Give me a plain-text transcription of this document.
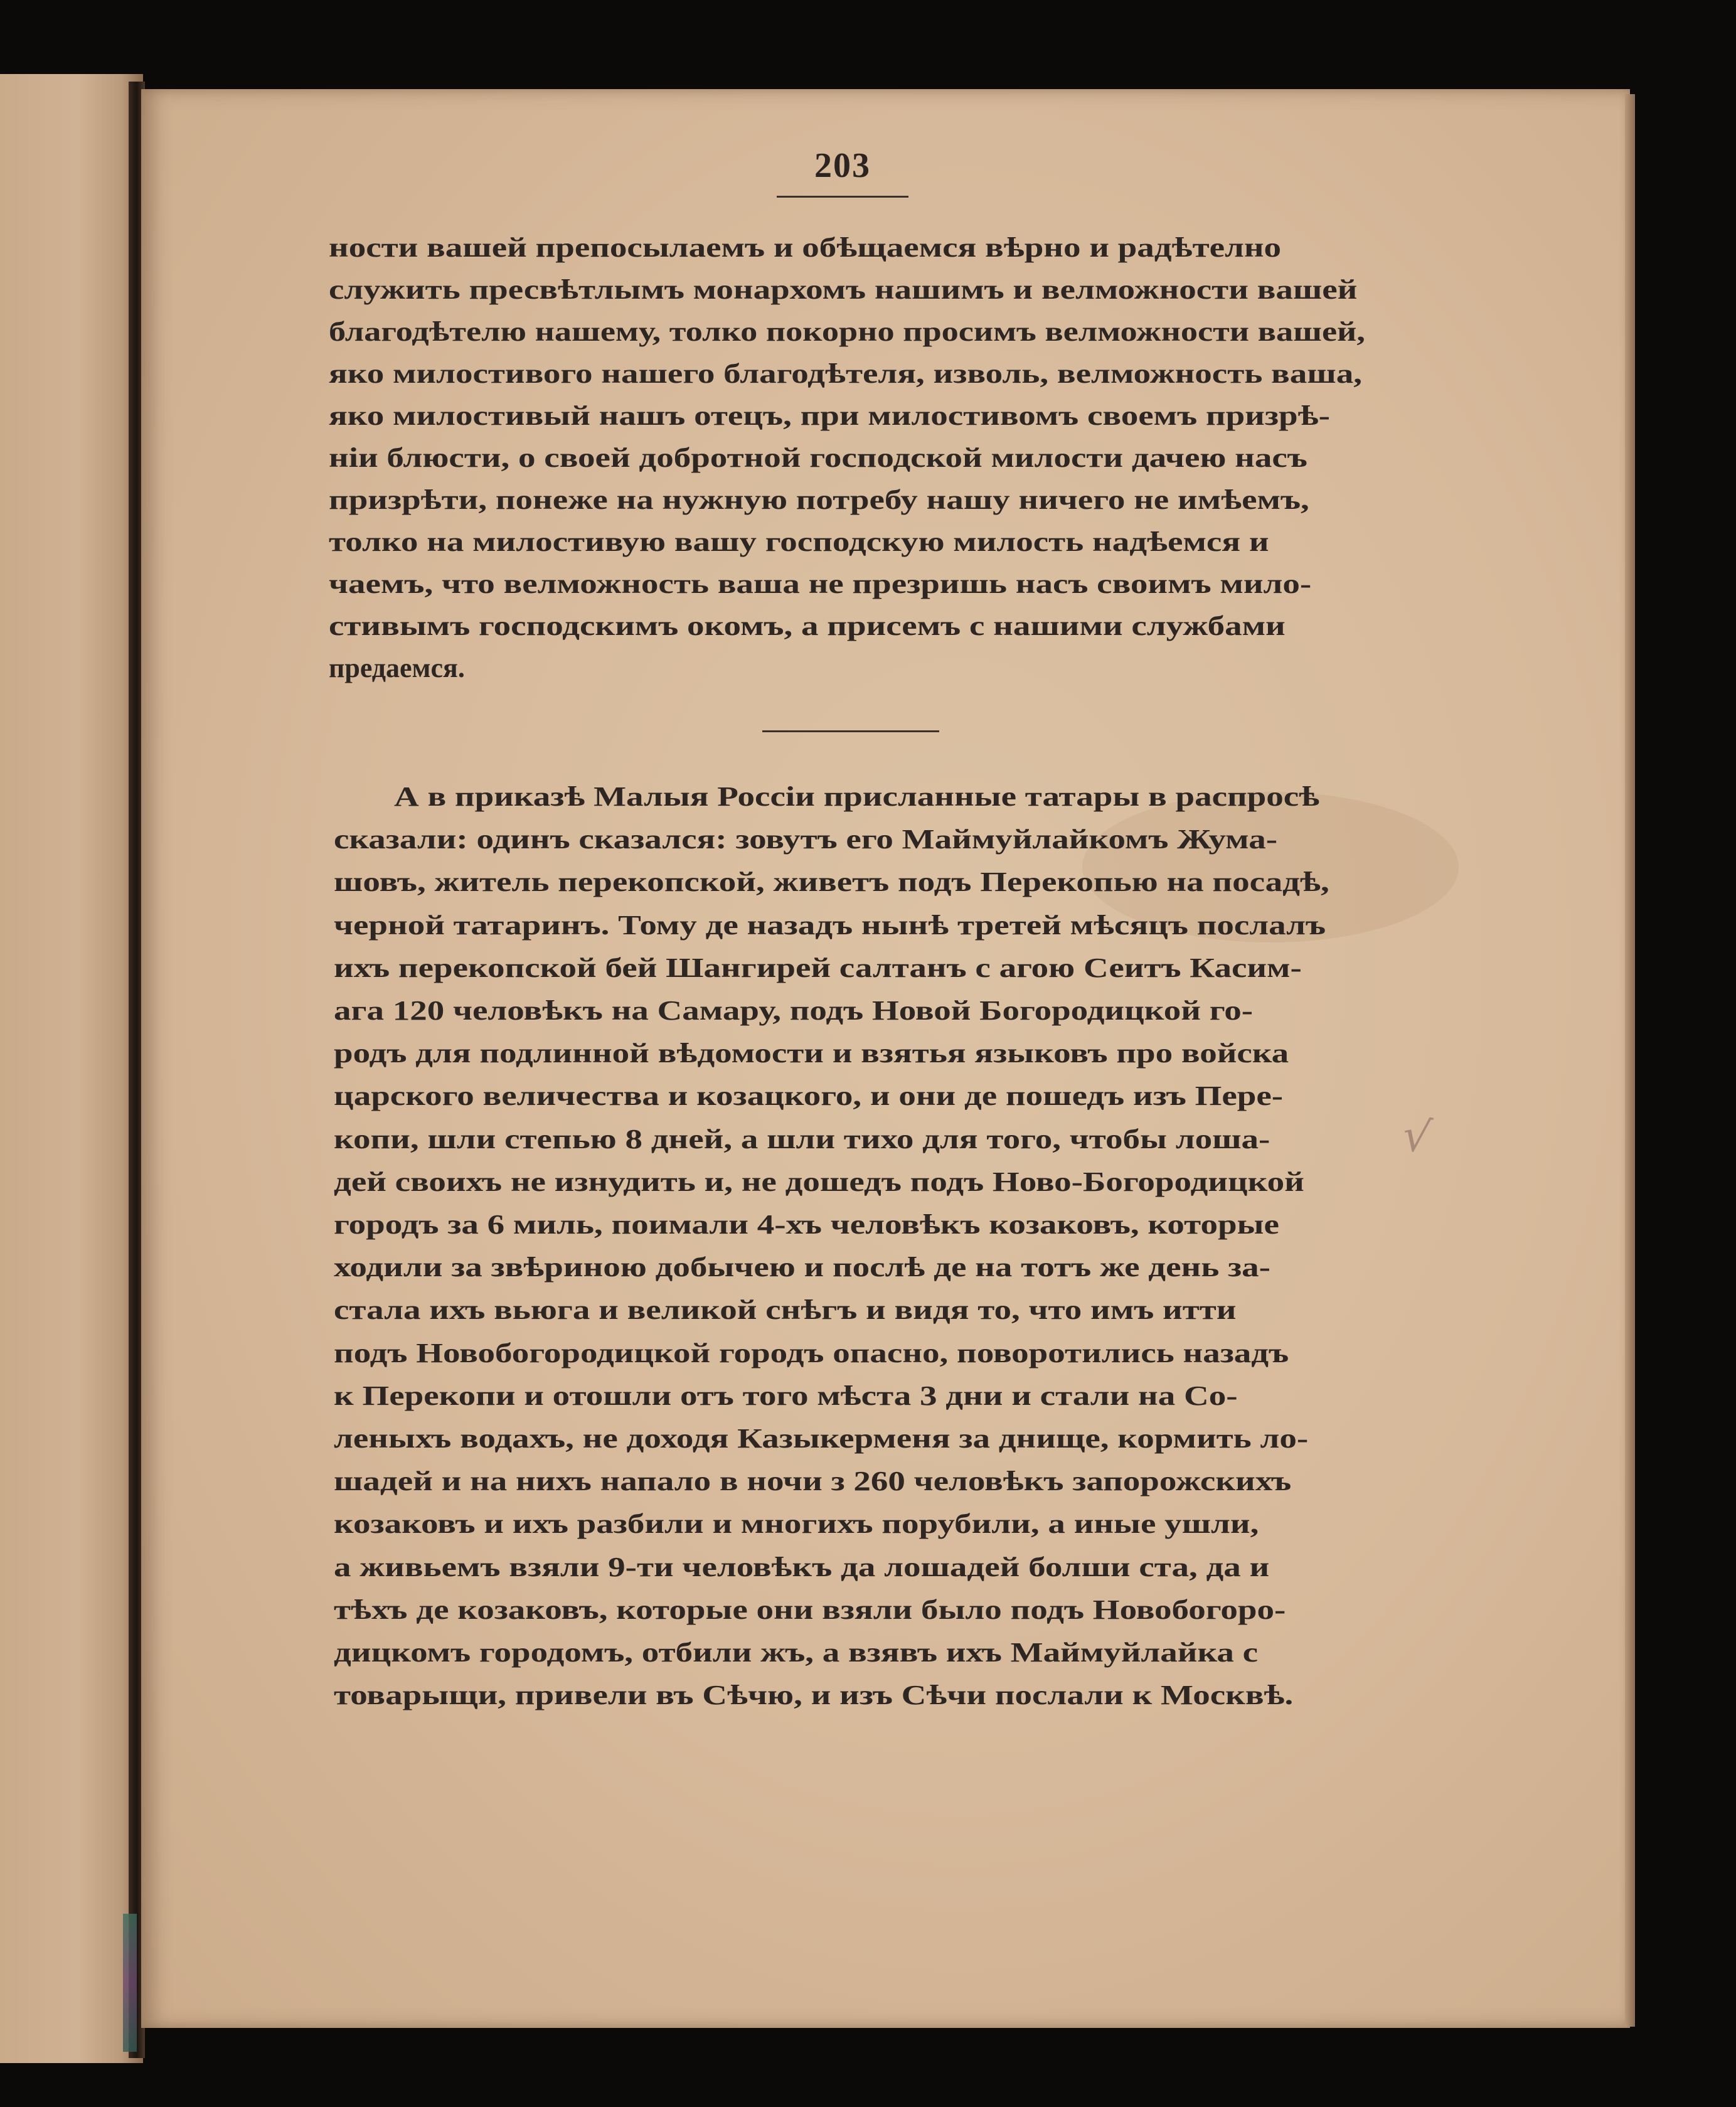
203
ности вашей препосылаемъ и обѣщаемся вѣрно и радѣтелно
служить пресвѣтлымъ монархомъ нашимъ и велможности вашей
благодѣтелю нашему, толко покорно просимъ велможности вашей,
яко милостивого нашего благодѣтеля, изволь, велможность ваша,
яко милостивый нашъ отецъ, при милостивомъ своемъ призрѣ-
нiи блюсти, о своей добротной господской милости дачею насъ
призрѣти, понеже на нужную потребу нашу ничего не имѣемъ,
толко на милостивую вашу господскую милость надѣемся и
чаемъ, что велможность ваша не презришь насъ своимъ мило-
стивымъ господскимъ окомъ, а присемъ с нашими службами
предаемся.
А в приказѣ Малыя Россiи присланные татары в распросѣ
сказали: одинъ сказался: зовутъ его Маймуйлайкомъ Жума-
шовъ, житель перекопской, живетъ подъ Перекопью на посадѣ,
черной татаринъ. Тому де назадъ нынѣ третей мѣсяцъ послалъ
ихъ перекопской бей Шангирей салтанъ с агою Сеитъ Касим-
ага 120 человѣкъ на Самару, подъ Новой Богородицкой го-
родъ для подлинной вѣдомости и взятья языковъ про войска
царского величества и козацкого, и они де пошедъ изъ Пере-
копи, шли степью 8 дней, а шли тихо для того, чтобы лоша-
дей своихъ не изнудить и, не дошедъ подъ Ново-Богородицкой
городъ за 6 миль, поимали 4-хъ человѣкъ козаковъ, которые
ходили за звѣриною добычею и послѣ де на тотъ же день за-
стала ихъ вьюга и великой снѣгъ и видя то, что имъ итти
подъ Новобогородицкой городъ опасно, поворотились назадъ
к Перекопи и отошли отъ того мѣста 3 дни и стали на Со-
леныхъ водахъ, не доходя Казыкерменя за днище, кормить ло-
шадей и на нихъ напало в ночи з 260 человѣкъ запорожскихъ
козаковъ и ихъ разбили и многихъ порубили, а иные ушли,
а живьемъ взяли 9-ти человѣкъ да лошадей болши ста, да и
тѣхъ де козаковъ, которые они взяли было подъ Новобогоро-
дицкомъ городомъ, отбили жъ, а взявъ ихъ Маймуйлайка с
товарыщи, привели въ Сѣчю, и изъ Сѣчи послали к Москвѣ.
√
